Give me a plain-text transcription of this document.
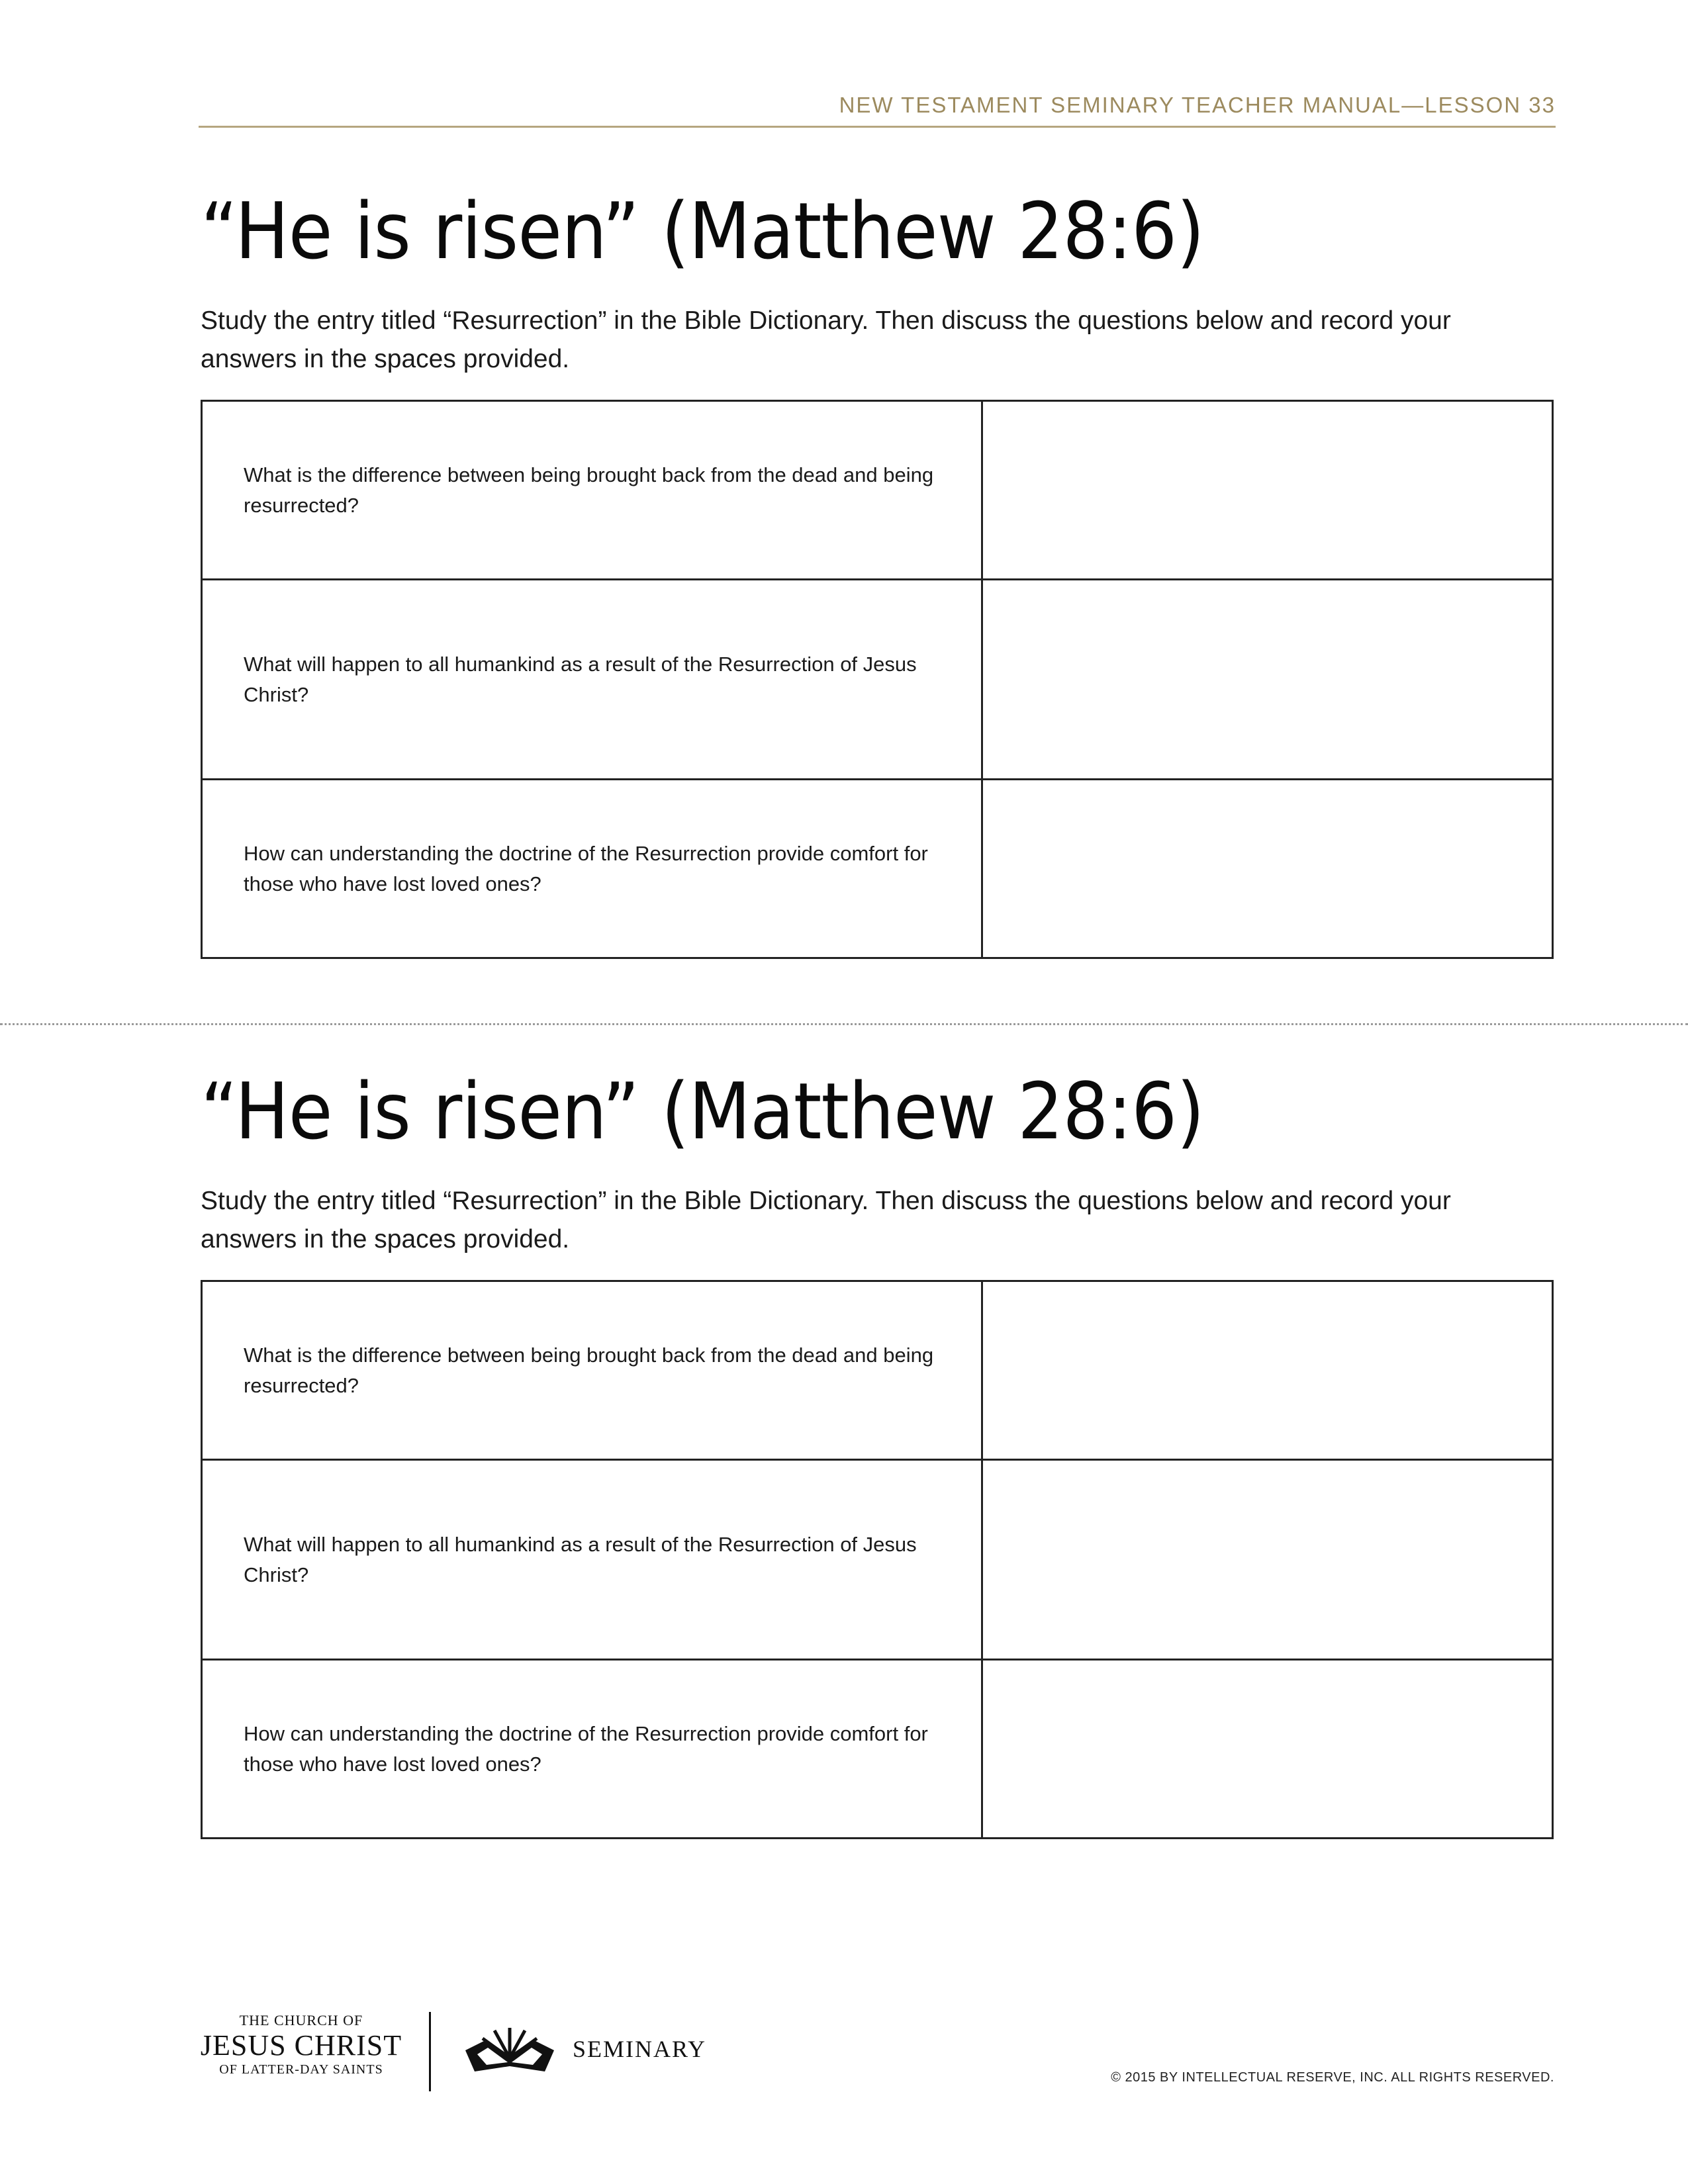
NEW TESTAMENT SEMINARY TEACHER MANUAL—LESSON 33
“He is risen” (Matthew 28:6)

Study the entry titled “Resurrection” in the Bible Dictionary. Then discuss the questions below and record your answers in the spaces provided.

What is the difference between being brought back from the dead and being resurrected?	
What will happen to all humankind as a result of the Resurrection of Jesus Christ?	
How can understanding the doctrine of the Resurrection provide comfort for those who have lost loved ones?	
“He is risen” (Matthew 28:6)

Study the entry titled “Resurrection” in the Bible Dictionary. Then discuss the questions below and record your answers in the spaces provided.

What is the difference between being brought back from the dead and being resurrected?	
What will happen to all humankind as a result of the Resurrection of Jesus Christ?	
How can understanding the doctrine of the Resurrection provide comfort for those who have lost loved ones?	
THE CHURCH OF
JESUS CHRIST
OF LATTER-DAY SAINTS
SEMINARY
© 2015 BY INTELLECTUAL RESERVE, INC. ALL RIGHTS RESERVED.
